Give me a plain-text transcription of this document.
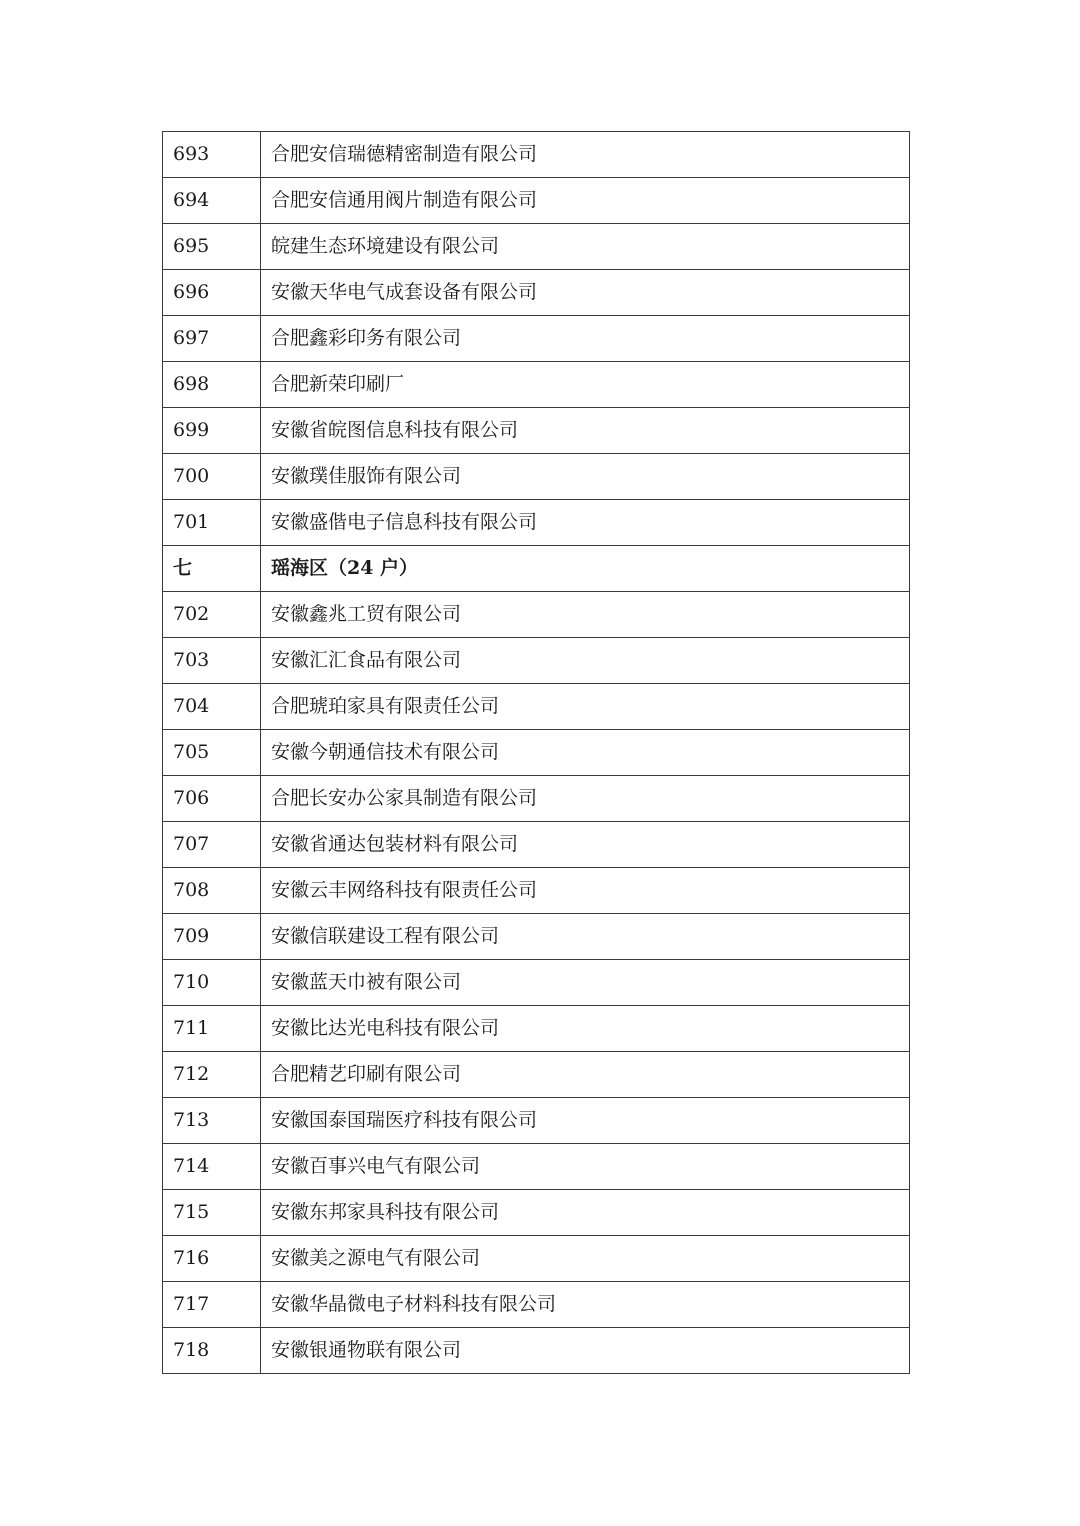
693	合肥安信瑞德精密制造有限公司
694	合肥安信通用阀片制造有限公司
695	皖建生态环境建设有限公司
696	安徽天华电气成套设备有限公司
697	合肥鑫彩印务有限公司
698	合肥新荣印刷厂
699	安徽省皖图信息科技有限公司
700	安徽璞佳服饰有限公司
701	安徽盛偕电子信息科技有限公司
七	瑶海区（24 户）
702	安徽鑫兆工贸有限公司
703	安徽汇汇食品有限公司
704	合肥琥珀家具有限责任公司
705	安徽今朝通信技术有限公司
706	合肥长安办公家具制造有限公司
707	安徽省通达包装材料有限公司
708	安徽云丰网络科技有限责任公司
709	安徽信联建设工程有限公司
710	安徽蓝天巾被有限公司
711	安徽比达光电科技有限公司
712	合肥精艺印刷有限公司
713	安徽国泰国瑞医疗科技有限公司
714	安徽百事兴电气有限公司
715	安徽东邦家具科技有限公司
716	安徽美之源电气有限公司
717	安徽华晶微电子材料科技有限公司
718	安徽银通物联有限公司
